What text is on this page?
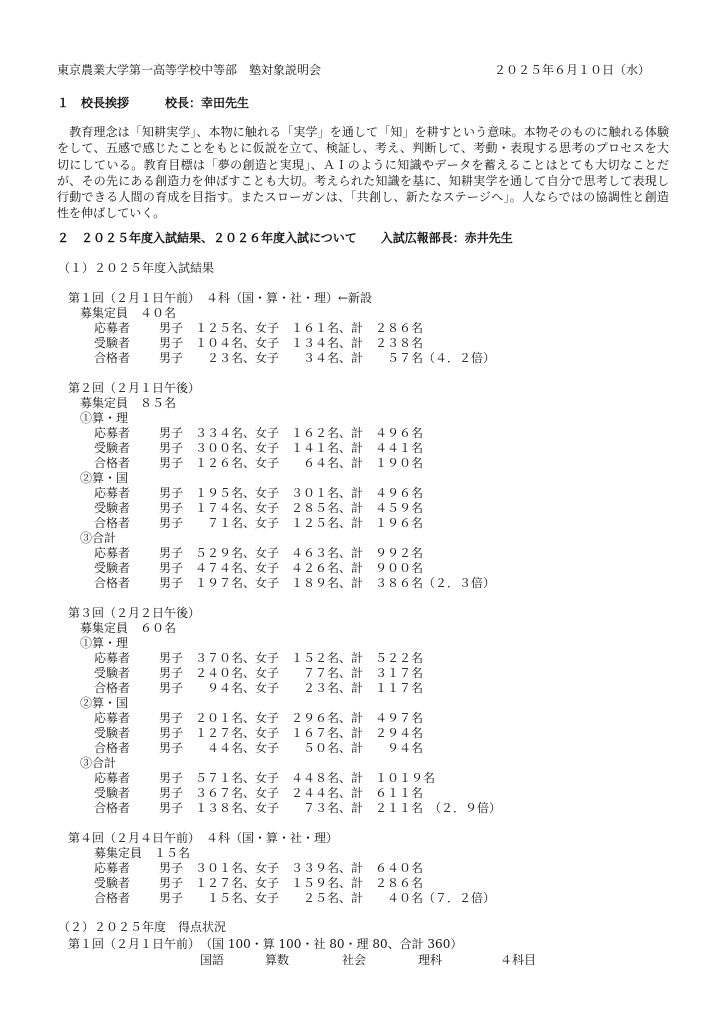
東京農業大学第一高等学校中等部　塾対象説明会	２０２５年６月１０日（水）
１　校長挨拶　　　校長：幸田先生
　教育理念は「知耕実学」、本物に触れる「実学」を通して「知」を耕すという意味。本物そのものに触れる体験をして、五感で感じたことをもとに仮説を立て、検証し、考え、判断して、考動・表現する思考のプロセスを大切にしている。教育目標は「夢の創造と実現」、ＡＩのように知識やデータを蓄えることはとても大切なことだが、その先にある創造力を伸ばすことも大切。考えられた知識を基に、知耕実学を通して自分で思考して表現し行動できる人間の育成を目指す。またスローガンは、「共創し、新たなステージへ」。人ならではの協調性と創造性を伸ばしていく。
２　２０２５年度入試結果、２０２６年度入試について　　入試広報部長：赤井先生
（１）２０２５年度入試結果
第１回（２月１日午前）　４科（国・算・社・理）←新設
募集定員　４０名
応募者 男子　１２５名、女子　１６１名、計　２８６名
受験者 男子　１０４名、女子　１３４名、計　２３８名
合格者 男子　　２３名、女子　　３４名、計　　５７名（４．２倍）
第２回（２月１日午後）
募集定員　８５名
①算・理
応募者 男子　３３４名、女子　１６２名、計　４９６名
受験者 男子　３００名、女子　１４１名、計　４４１名
合格者 男子　１２６名、女子　　６４名、計　１９０名
②算・国
応募者 男子　１９５名、女子　３０１名、計　４９６名
受験者 男子　１７４名、女子　２８５名、計　４５９名
合格者 男子　　７１名、女子　１２５名、計　１９６名
③合計
応募者 男子　５２９名、女子　４６３名、計　９９２名
受験者 男子　４７４名、女子　４２６名、計　９００名
合格者 男子　１９７名、女子　１８９名、計　３８６名（２．３倍）
第３回（２月２日午後）
募集定員　６０名
①算・理
応募者 男子　３７０名、女子　１５２名、計　５２２名
受験者 男子　２４０名、女子　　７７名、計　３１７名
合格者 男子　　９４名、女子　　２３名、計　１１７名
②算・国
応募者 男子　２０１名、女子　２９６名、計　４９７名
受験者 男子　１２７名、女子　１６７名、計　２９４名
合格者 男子　　４４名、女子　　５０名、計　　９４名
③合計
応募者 男子　５７１名、女子　４４８名、計　１０１９名
受験者 男子　３６７名、女子　２４４名、計　６１１名
合格者 男子　１３８名、女子　　７３名、計　２１１名　（２．９倍）
第４回（２月４日午前）　４科（国・算・社・理）
募集定員　１５名
応募者 男子　３０１名、女子　３３９名、計　６４０名
受験者 男子　１２７名、女子　１５９名、計　２８６名
合格者 男子　　１５名、女子　　２５名、計　　４０名（７．２倍）
（２）２０２５年度　得点状況
第１回（２月１日午前）　（国 100・算 100・社 80・理 80、合計 360）
国語	算数	社会	理科	４科目
